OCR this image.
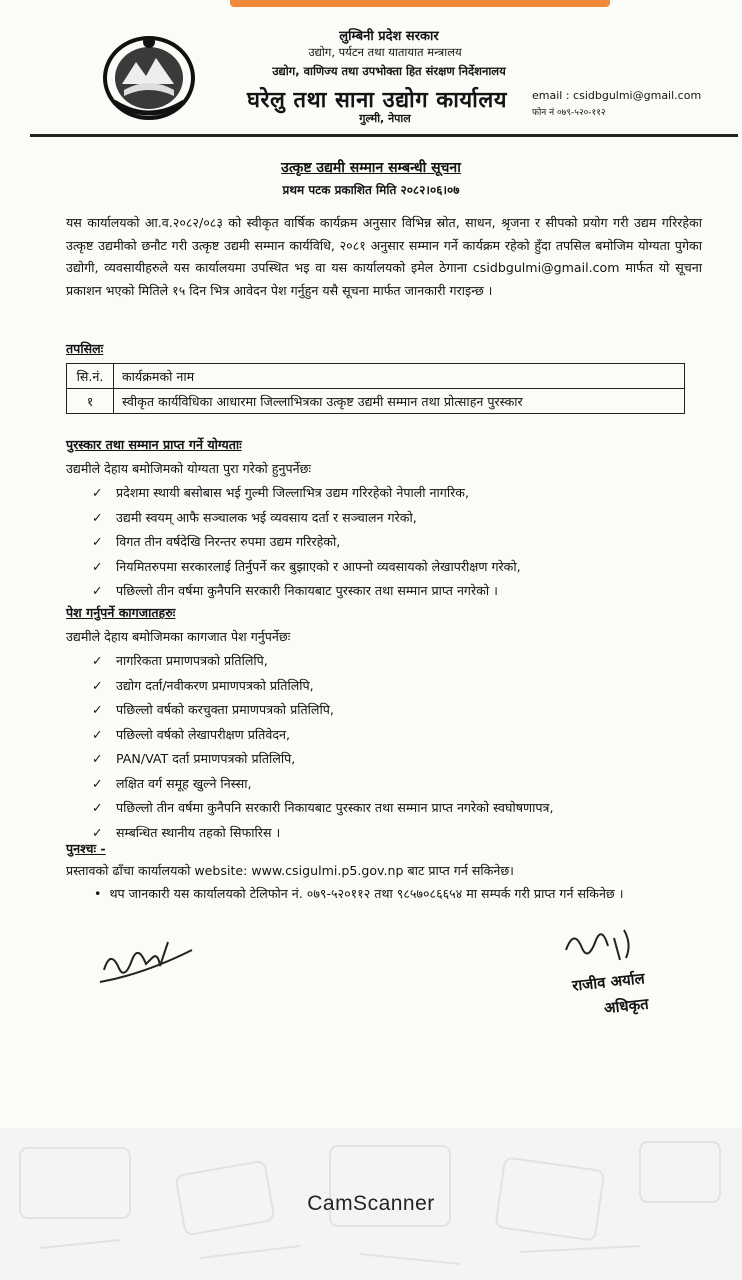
लुम्बिनी प्रदेश सरकार
उद्योग, पर्यटन तथा यातायात मन्त्रालय
उद्योग, वाणिज्य तथा उपभोक्ता हित संरक्षण निर्देशनालय
घरेलु तथा साना उद्योग कार्यालय
गुल्मी, नेपाल
email : csidbgulmi@gmail.com
फोन नं ०७९-५२०-११२
उत्कृष्ट उद्यमी सम्मान सम्बन्धी सूचना
प्रथम पटक प्रकाशित मिति २०८२।०६।०७
यस कार्यालयको आ.व.२०८२/०८३ को स्वीकृत वार्षिक कार्यक्रम अनुसार विभिन्न स्रोत, साधन, श्रृजना र सीपको प्रयोग गरी उद्यम गरिरहेका उत्कृष्ट उद्यमीको छनौट गरी उत्कृष्ट उद्यमी सम्मान कार्यविधि, २०८१ अनुसार सम्मान गर्ने कार्यक्रम रहेको हुँदा तपसिल बमोजिम योग्यता पुगेका उद्योगी, व्यवसायीहरुले यस कार्यालयमा उपस्थित भइ वा यस कार्यालयको इमेल ठेगाना csidbgulmi@gmail.com मार्फत यो सूचना प्रकाशन भएको मितिले १५ दिन भित्र आवेदन पेश गर्नुहुन यसै सूचना मार्फत जानकारी गराइन्छ ।
तपसिलः
सि.नं.	कार्यक्रमको नाम
१	स्वीकृत कार्यविधिका आधारमा जिल्लाभित्रका उत्कृष्ट उद्यमी सम्मान तथा प्रोत्साहन पुरस्कार
पुरस्कार तथा सम्मान प्राप्त गर्ने योग्यताः
उद्यमीले देहाय बमोजिमको योग्यता पुरा गरेको हुनुपर्नेछः
✓ प्रदेशमा स्थायी बसोबास भई गुल्मी जिल्लाभित्र उद्यम गरिरहेको नेपाली नागरिक,
✓ उद्यमी स्वयम् आफै सञ्चालक भई व्यवसाय दर्ता र सञ्चालन गरेको,
✓ विगत तीन वर्षदेखि निरन्तर रुपमा उद्यम गरिरहेको,
✓ नियमितरुपमा सरकारलाई तिर्नुपर्ने कर बुझाएको र आफ्नो व्यवसायको लेखापरीक्षण गरेको,
✓ पछिल्लो तीन वर्षमा कुनैपनि सरकारी निकायबाट पुरस्कार तथा सम्मान प्राप्त नगरेको ।
पेश गर्नुपर्ने कागजातहरुः
उद्यमीले देहाय बमोजिमका कागजात पेश गर्नुपर्नेछः
✓ नागरिकता प्रमाणपत्रको प्रतिलिपि,
✓ उद्योग दर्ता/नवीकरण प्रमाणपत्रको प्रतिलिपि,
✓ पछिल्लो वर्षको करचुक्ता प्रमाणपत्रको प्रतिलिपि,
✓ पछिल्लो वर्षको लेखापरीक्षण प्रतिवेदन,
✓ PAN/VAT दर्ता प्रमाणपत्रको प्रतिलिपि,
✓ लक्षित वर्ग समूह खुल्ने निस्सा,
✓ पछिल्लो तीन वर्षमा कुनैपनि सरकारी निकायबाट पुरस्कार तथा सम्मान प्राप्त नगरेको स्वघोषणापत्र,
✓ सम्बन्धित स्थानीय तहको सिफारिस ।
पुनश्चः -
प्रस्तावको ढाँचा कार्यालयको website: www.csigulmi.p5.gov.np बाट प्राप्त गर्न सकिनेछ।
•  थप जानकारी यस कार्यालयको टेलिफोन नं. ०७९-५२०११२ तथा ९८५७०८६६५४ मा सम्पर्क गरी प्राप्त गर्न सकिनेछ ।
राजीव अर्याल
अधिकृत
CamScanner
